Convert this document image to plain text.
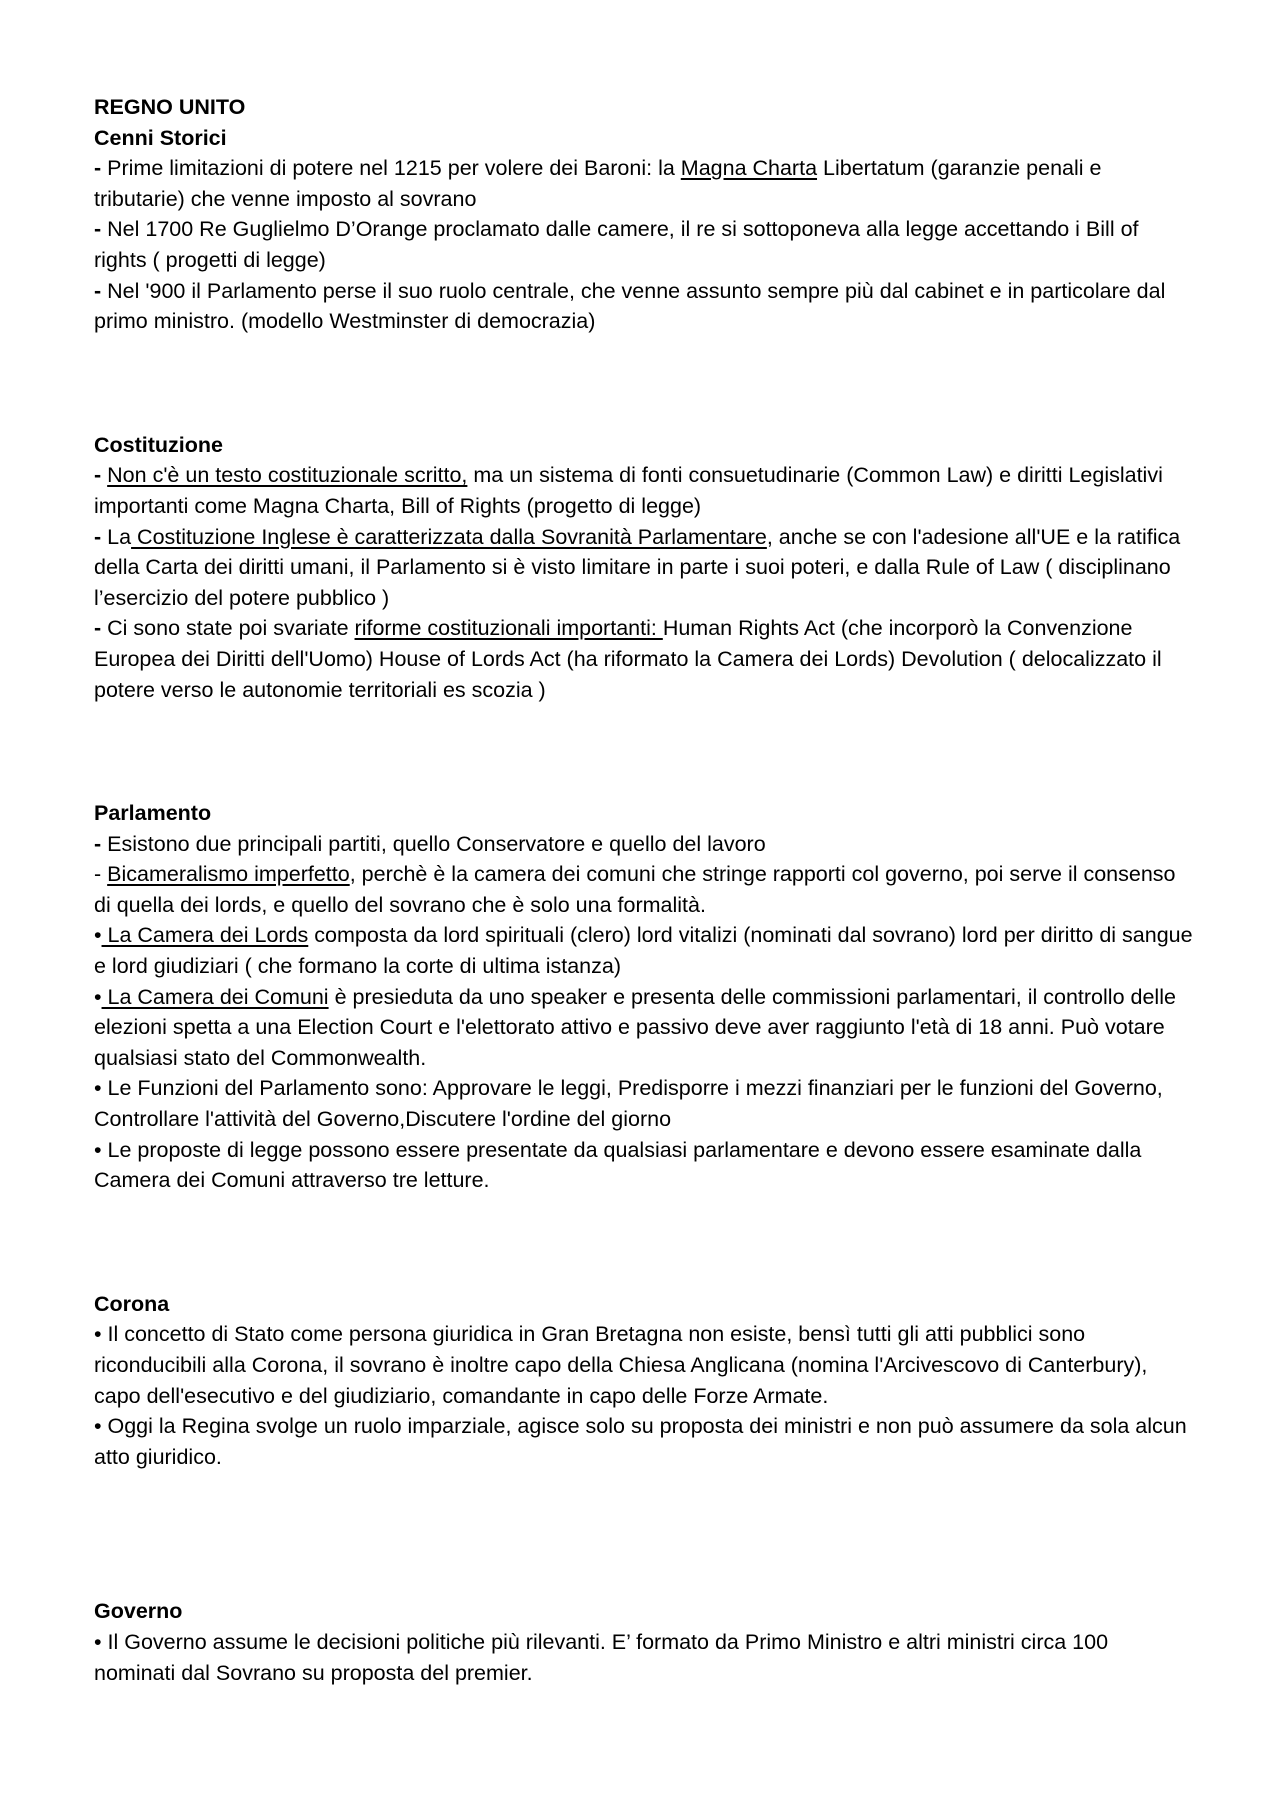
REGNO UNITO

Cenni Storici

- Prime limitazioni di potere nel 1215 per volere dei Baroni: la Magna Charta Libertatum (garanzie penali e tributarie) che venne imposto al sovrano

- Nel 1700 Re Guglielmo D’Orange proclamato dalle camere, il re si sottoponeva alla legge accettando i Bill of rights ( progetti di legge)

- Nel '900 il Parlamento perse il suo ruolo centrale, che venne assunto sempre più dal cabinet e in particolare dal primo ministro. (modello Westminster di democrazia)

Costituzione

- Non c'è un testo costituzionale scritto, ma un sistema di fonti consuetudinarie (Common Law) e diritti Legislativi importanti come Magna Charta, Bill of Rights (progetto di legge)

- La Costituzione Inglese è caratterizzata dalla Sovranità Parlamentare, anche se con l'adesione all'UE e la ratifica della Carta dei diritti umani, il Parlamento si è visto limitare in parte i suoi poteri, e dalla Rule of Law ( disciplinano l’esercizio del potere pubblico )

- Ci sono state poi svariate riforme costituzionali importanti: Human Rights Act (che incorporò la Convenzione Europea dei Diritti dell'Uomo) House of Lords Act (ha riformato la Camera dei Lords) Devolution ( delocalizzato il potere verso le autonomie territoriali es scozia )

Parlamento

- Esistono due principali partiti, quello Conservatore e quello del lavoro

- Bicameralismo imperfetto, perchè è la camera dei comuni che stringe rapporti col governo, poi serve il consenso di quella dei lords, e quello del sovrano che è solo una formalità.

• La Camera dei Lords composta da lord spirituali (clero) lord vitalizi (nominati dal sovrano) lord per diritto di sangue e lord giudiziari ( che formano la corte di ultima istanza)

• La Camera dei Comuni è presieduta da uno speaker e presenta delle commissioni parlamentari, il controllo delle elezioni spetta a una Election Court e l'elettorato attivo e passivo deve aver raggiunto l'età di 18 anni. Può votare qualsiasi stato del Commonwealth.

• Le Funzioni del Parlamento sono: Approvare le leggi, Predisporre i mezzi finanziari per le funzioni del Governo, Controllare l'attività del Governo,Discutere l'ordine del giorno

• Le proposte di legge possono essere presentate da qualsiasi parlamentare e devono essere esaminate dalla Camera dei Comuni attraverso tre letture.

Corona

• Il concetto di Stato come persona giuridica in Gran Bretagna non esiste, bensì tutti gli atti pubblici sono riconducibili alla Corona, il sovrano è inoltre capo della Chiesa Anglicana (nomina l'Arcivescovo di Canterbury), capo dell'esecutivo e del giudiziario, comandante in capo delle Forze Armate.

• Oggi la Regina svolge un ruolo imparziale, agisce solo su proposta dei ministri e non può assumere da sola alcun atto giuridico.

Governo

• Il Governo assume le decisioni politiche più rilevanti. E’ formato da Primo Ministro e altri ministri circa 100 nominati dal Sovrano su proposta del premier.
